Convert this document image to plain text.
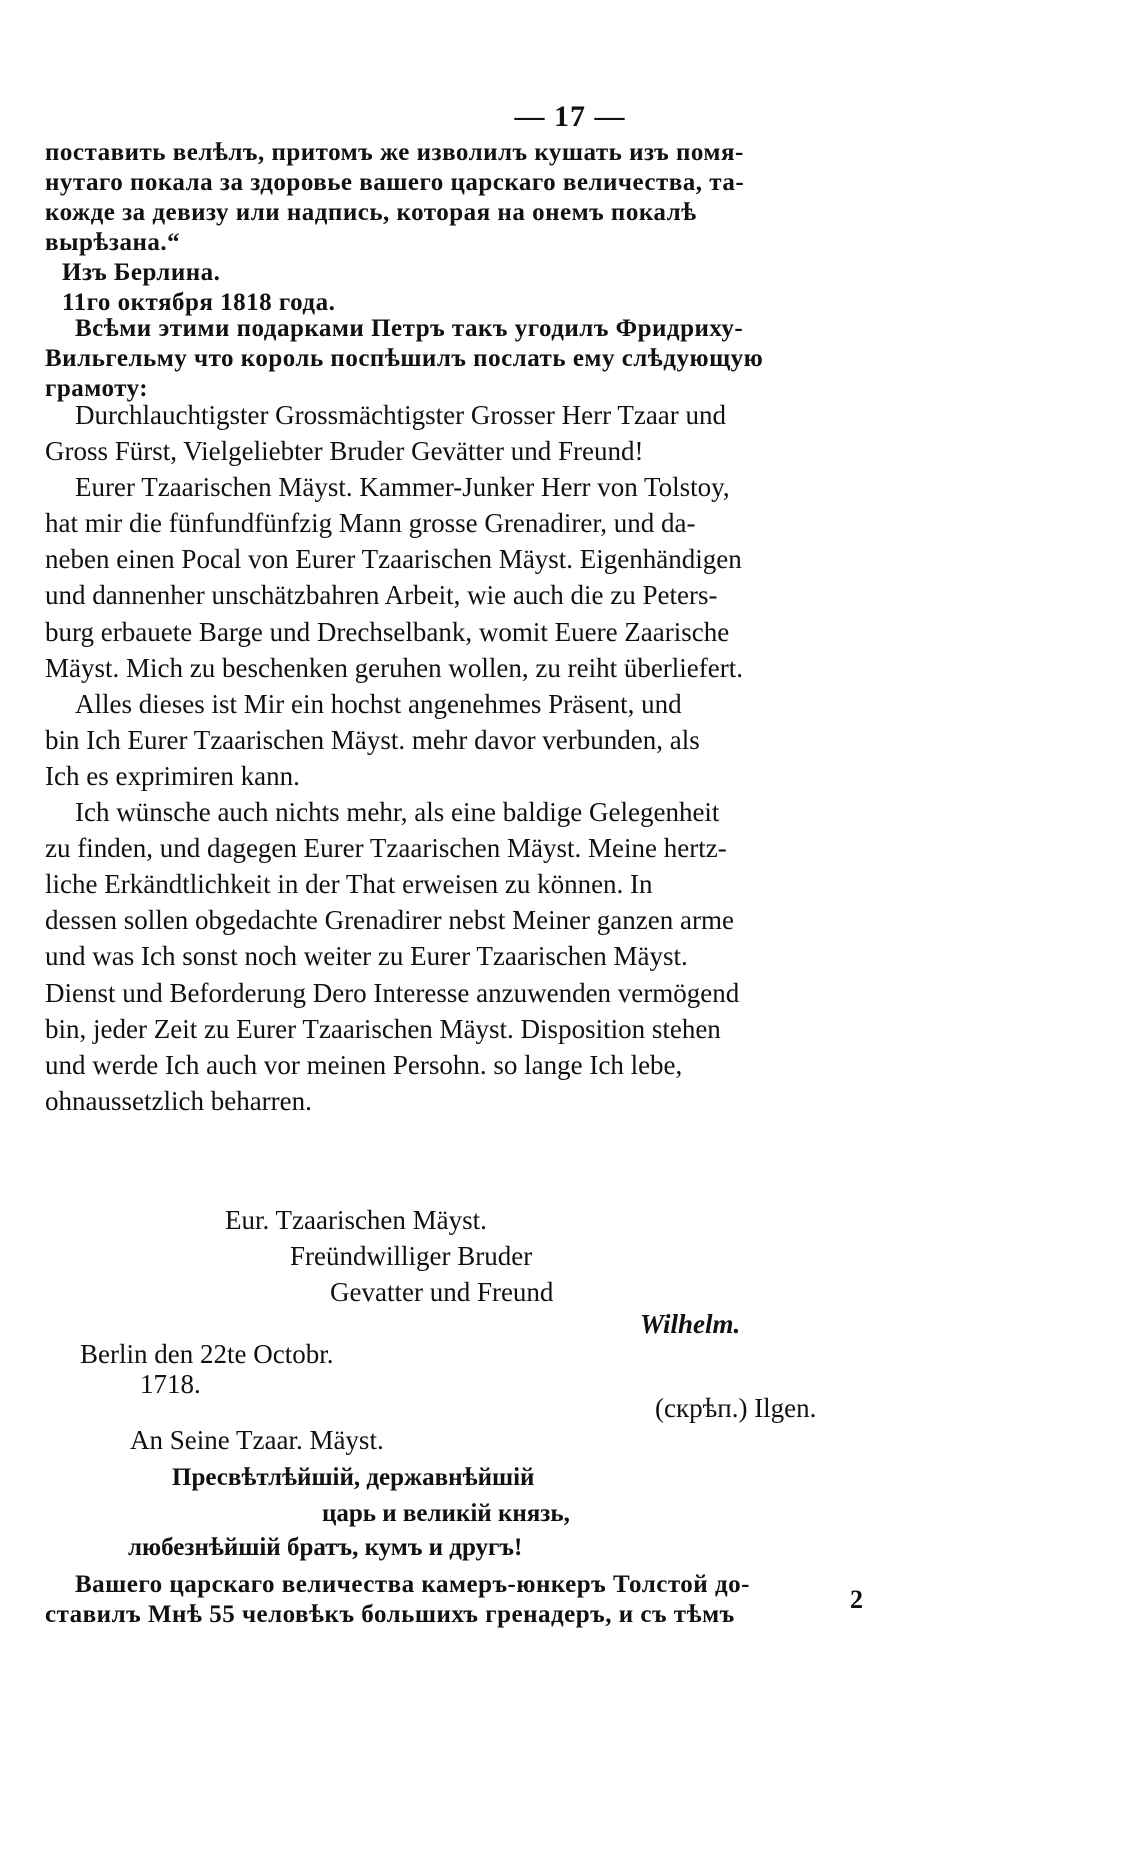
— 17 —
поставить велѣлъ, притомъ же изволилъ кушать изъ помя-
нутаго покала за здоровье вашего царскаго величества, та-
кожде за девизу или надпись, которая на онемъ покалѣ
вырѣзана.“
Изъ Берлина.
11го октября 1818 года.
Всѣми этими подарками Петръ такъ угодилъ Фридриху-
Вильгельму что король поспѣшилъ послать ему слѣдующую
грамоту:
Durchlauchtigster Grossmächtigster Grosser Herr Tzaar und
Gross Fürst, Vielgeliebter Bruder Gevätter und Freund!
Eurer Tzaarischen Mäyst. Kammer-Junker Herr von Tolstoy,
hat mir die fünfundfünfzig Mann grosse Grenadirer, und da-
neben einen Pocal von Eurer Tzaarischen Mäyst. Eigenhändigen
und dannenher unschätzbahren Arbeit, wie auch die zu Peters-
burg erbauete Barge und Drechselbank, womit Euere Zaarische
Mäyst. Mich zu beschenken geruhen wollen, zu reiht überliefert.
Alles dieses ist Mir ein hochst angenehmes Präsent, und
bin Ich Eurer Tzaarischen Mäyst. mehr davor verbunden, als
Ich es exprimiren kann.
Ich wünsche auch nichts mehr, als eine baldige Gelegenheit
zu finden, und dagegen Eurer Tzaarischen Mäyst. Meine hertz-
liche Erkändtlichkeit in der That erweisen zu können. In
dessen sollen obgedachte Grenadirer nebst Meiner ganzen arme
und was Ich sonst noch weiter zu Eurer Tzaarischen Mäyst.
Dienst und Beforderung Dero Interesse anzuwenden vermögend
bin, jeder Zeit zu Eurer Tzaarischen Mäyst. Disposition stehen
und werde Ich auch vor meinen Persohn. so lange Ich lebe,
ohnaussetzlich beharren.
Eur. Tzaarischen Mäyst.
Freündwilliger Bruder
Gevatter und Freund
Wilhelm.
Berlin den 22te Octobr.
1718.
(скрѣп.) Ilgen.
An Seine Tzaar. Mäyst.
Пресвѣтлѣйшій, державнѣйшій
царь и великій князь,
любезнѣйшій братъ, кумъ и другъ!
Вашего царскаго величества камеръ-юнкеръ Толстой до-
ставилъ Мнѣ 55 человѣкъ большихъ гренадеръ, и съ тѣмъ
2
